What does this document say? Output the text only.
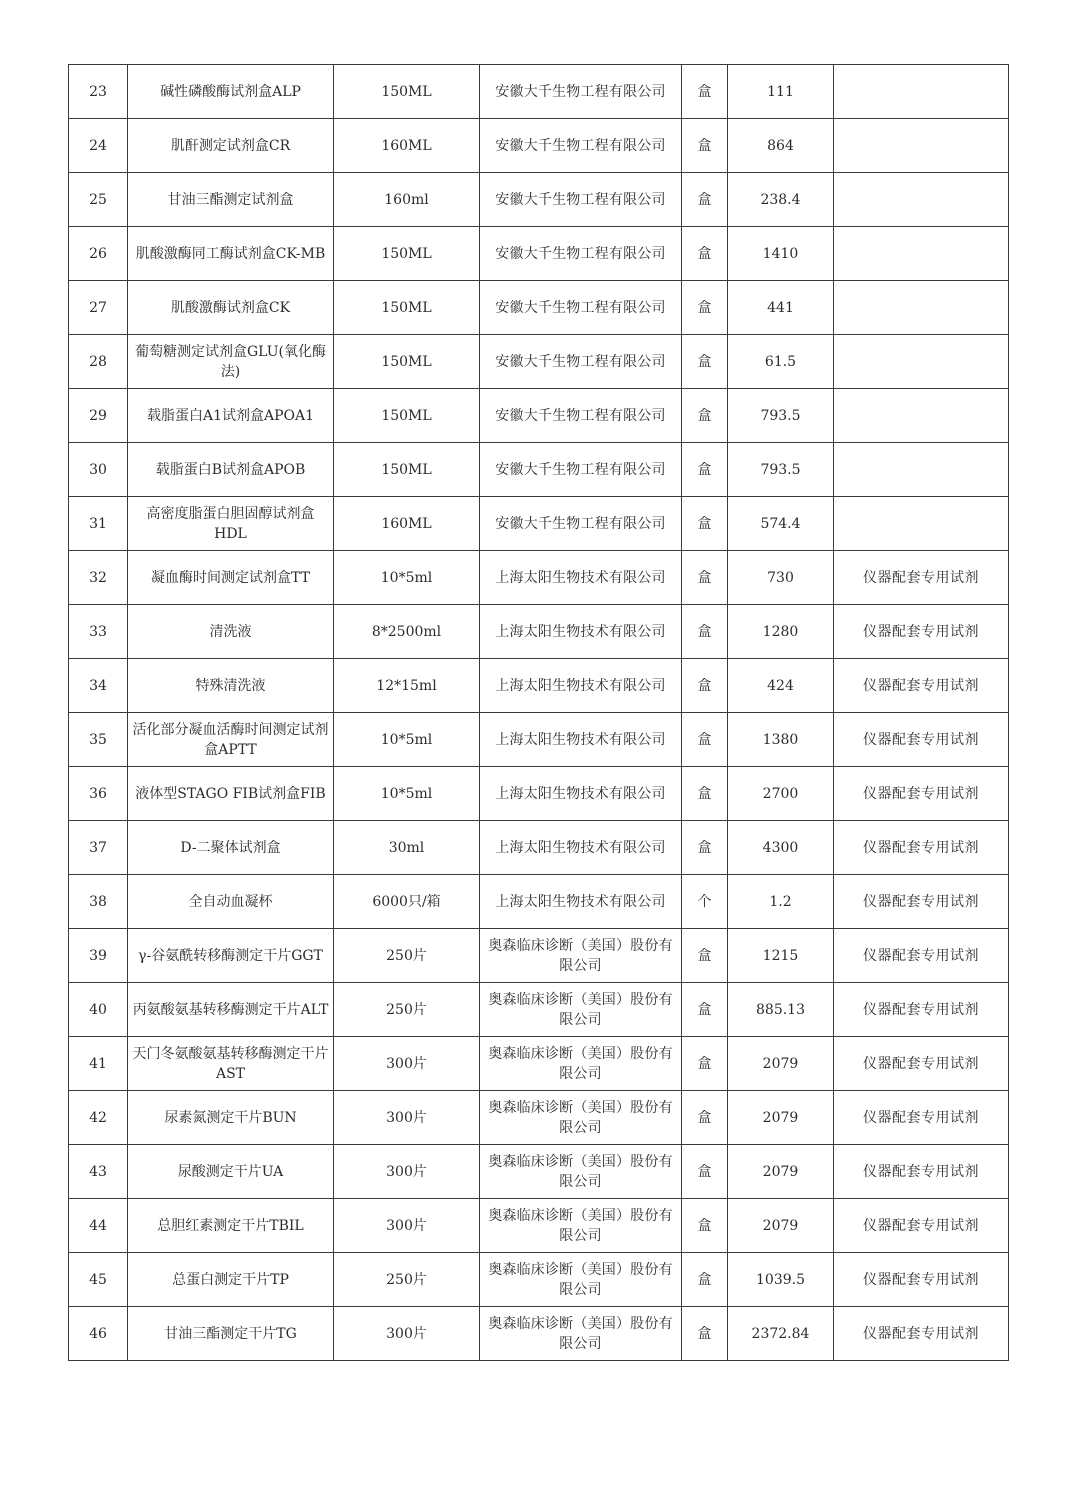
23	碱性磷酸酶试剂盒ALP	150ML	安徽大千生物工程有限公司	盒	111	
24	肌酐测定试剂盒CR	160ML	安徽大千生物工程有限公司	盒	864	
25	甘油三酯测定试剂盒	160ml	安徽大千生物工程有限公司	盒	238.4	
26	肌酸激酶同工酶试剂盒CK-MB	150ML	安徽大千生物工程有限公司	盒	1410	
27	肌酸激酶试剂盒CK	150ML	安徽大千生物工程有限公司	盒	441	
28	葡萄糖测定试剂盒GLU(氧化酶法)	150ML	安徽大千生物工程有限公司	盒	61.5	
29	载脂蛋白A1试剂盒APOA1	150ML	安徽大千生物工程有限公司	盒	793.5	
30	载脂蛋白B试剂盒APOB	150ML	安徽大千生物工程有限公司	盒	793.5	
31	高密度脂蛋白胆固醇试剂盒HDL	160ML	安徽大千生物工程有限公司	盒	574.4	
32	凝血酶时间测定试剂盒TT	10*5ml	上海太阳生物技术有限公司	盒	730	仪器配套专用试剂
33	清洗液	8*2500ml	上海太阳生物技术有限公司	盒	1280	仪器配套专用试剂
34	特殊清洗液	12*15ml	上海太阳生物技术有限公司	盒	424	仪器配套专用试剂
35	活化部分凝血活酶时间测定试剂盒APTT	10*5ml	上海太阳生物技术有限公司	盒	1380	仪器配套专用试剂
36	液体型STAGO FIB试剂盒FIB	10*5ml	上海太阳生物技术有限公司	盒	2700	仪器配套专用试剂
37	D-二聚体试剂盒	30ml	上海太阳生物技术有限公司	盒	4300	仪器配套专用试剂
38	全自动血凝杯	6000只/箱	上海太阳生物技术有限公司	个	1.2	仪器配套专用试剂
39	γ-谷氨酰转移酶测定干片GGT	250片	奥森临床诊断（美国）股份有限公司	盒	1215	仪器配套专用试剂
40	丙氨酸氨基转移酶测定干片ALT	250片	奥森临床诊断（美国）股份有限公司	盒	885.13	仪器配套专用试剂
41	天门冬氨酸氨基转移酶测定干片AST	300片	奥森临床诊断（美国）股份有限公司	盒	2079	仪器配套专用试剂
42	尿素氮测定干片BUN	300片	奥森临床诊断（美国）股份有限公司	盒	2079	仪器配套专用试剂
43	尿酸测定干片UA	300片	奥森临床诊断（美国）股份有限公司	盒	2079	仪器配套专用试剂
44	总胆红素测定干片TBIL	300片	奥森临床诊断（美国）股份有限公司	盒	2079	仪器配套专用试剂
45	总蛋白测定干片TP	250片	奥森临床诊断（美国）股份有限公司	盒	1039.5	仪器配套专用试剂
46	甘油三酯测定干片TG	300片	奥森临床诊断（美国）股份有限公司	盒	2372.84	仪器配套专用试剂
